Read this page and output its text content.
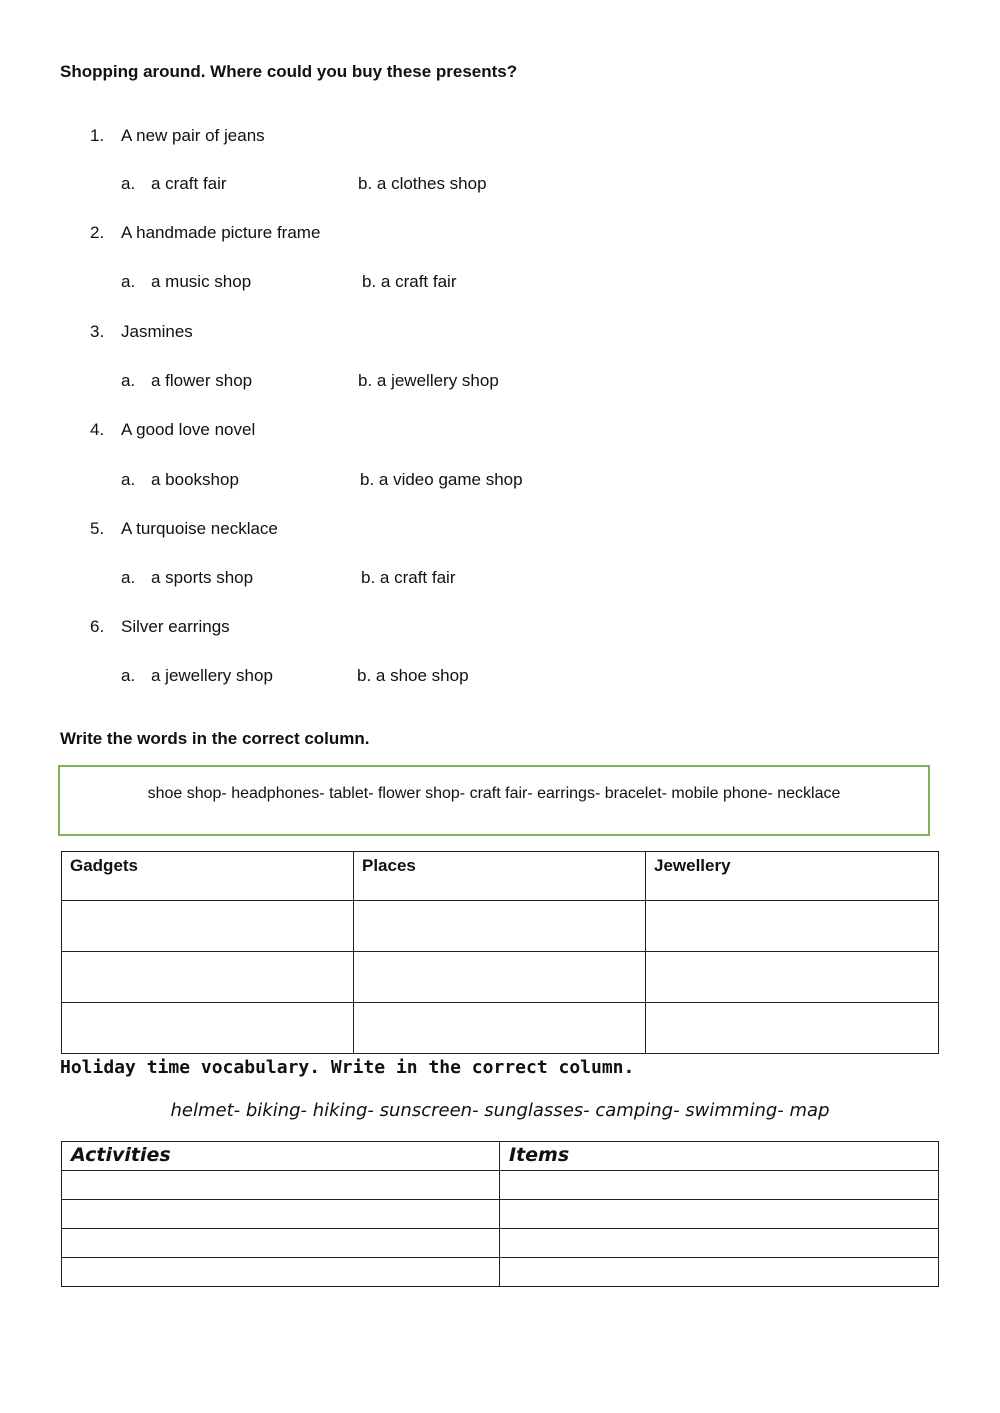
Shopping around. Where could you buy these presents?
1. A new pair of jeans
a. a craft fair	b. a clothes shop
2. A handmade picture frame
a. a music shop	b. a craft fair
3. Jasmines
a. a flower shop	b. a jewellery shop
4. A good love novel
a. a bookshop	b. a video game shop
5. A turquoise necklace
a. a sports shop	b. a craft fair
6. Silver earrings
a. a jewellery shop	b. a shoe shop
Write the words in the correct column.
shoe shop- headphones- tablet- flower shop- craft fair- earrings- bracelet- mobile phone- necklace
Gadgets	Places	Jewellery

Holiday time vocabulary. Write in the correct column.
helmet- biking- hiking- sunscreen- sunglasses- camping- swimming- map
Activities	Items
